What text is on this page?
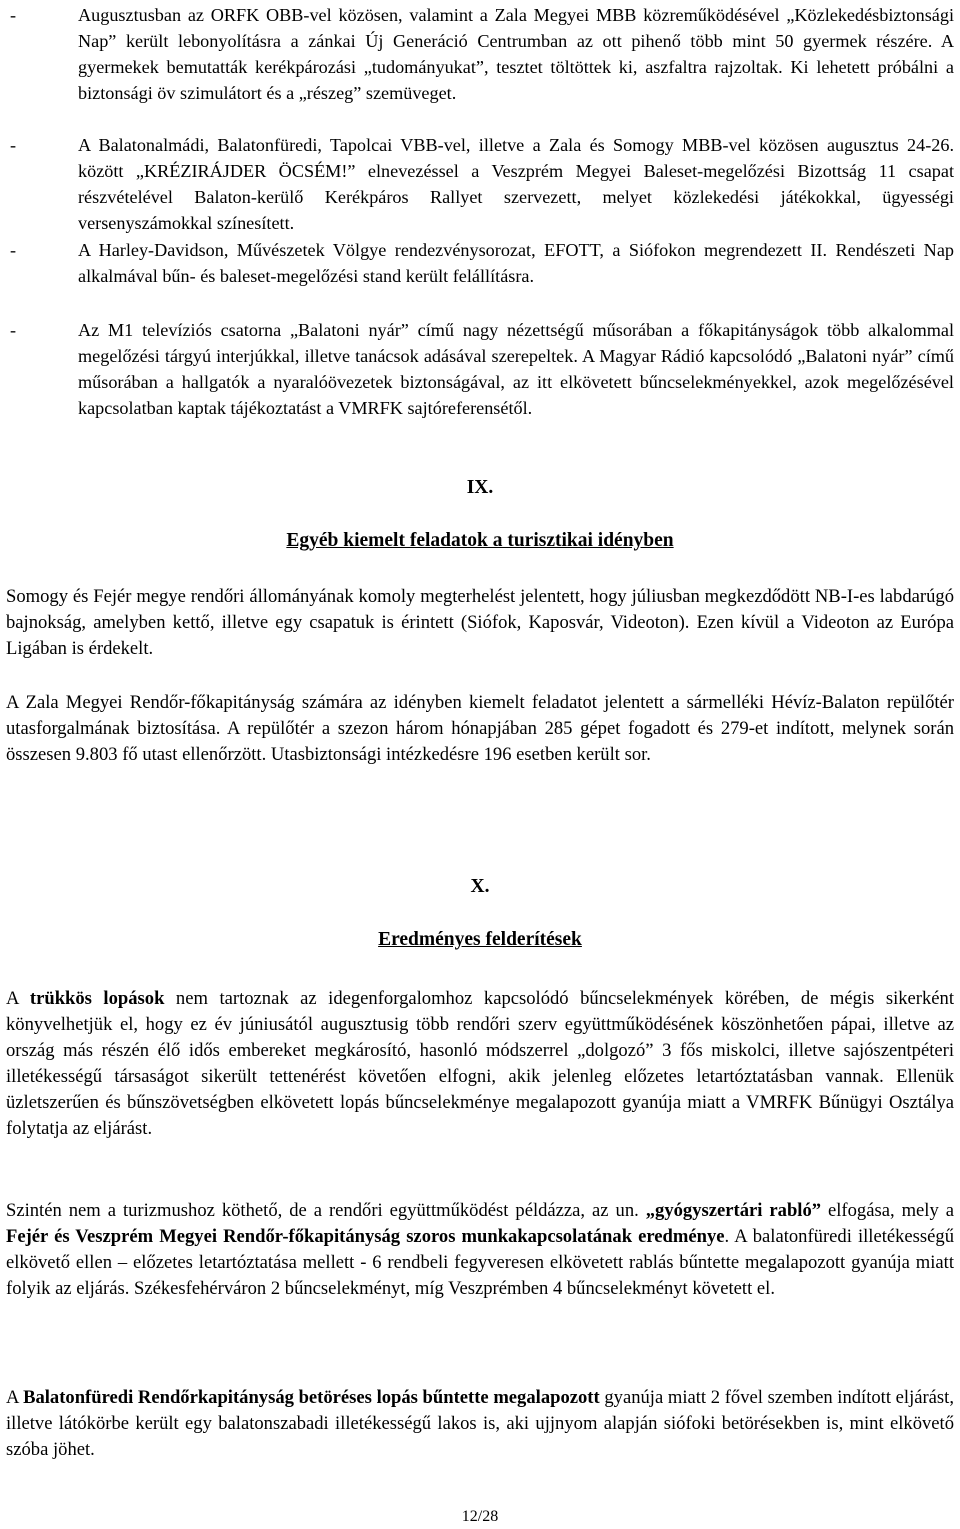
-	Augusztusban az ORFK OBB-vel közösen, valamint a Zala Megyei MBB közreműködésével „Közlekedésbiztonsági Nap” került lebonyolításra a zánkai Új Generáció Centrumban az ott pihenő több mint 50 gyermek részére. A gyermekek bemutatták kerékpározási „tudományukat”, tesztet töltöttek ki, aszfaltra rajzoltak. Ki lehetett próbálni a biztonsági öv szimulátort és a „részeg” szemüveget.
-	A Balatonalmádi, Balatonfüredi, Tapolcai VBB-vel, illetve a Zala és Somogy MBB-vel közösen augusztus 24-26. között „KRÉZIRÁJDER ÖCSÉM!” elnevezéssel a Veszprém Megyei Baleset-megelőzési Bizottság 11 csapat részvételével Balaton-kerülő Kerékpáros Rallyet szervezett, melyet közlekedési játékokkal, ügyességi versenyszámokkal színesített.
-	A Harley-Davidson, Művészetek Völgye rendezvénysorozat, EFOTT, a Siófokon megrendezett II. Rendészeti Nap alkalmával bűn- és baleset-megelőzési stand került felállításra.
-	Az M1 televíziós csatorna „Balatoni nyár” című nagy nézettségű műsorában a főkapitányságok több alkalommal megelőzési tárgyú interjúkkal, illetve tanácsok adásával szerepeltek. A Magyar Rádió kapcsolódó „Balatoni nyár” című műsorában a hallgatók a nyaralóövezetek biztonságával, az itt elkövetett bűncselekményekkel, azok megelőzésével kapcsolatban kaptak tájékoztatást a VMRFK sajtóreferensétől.
IX.
Egyéb kiemelt feladatok a turisztikai idényben

Somogy és Fejér megye rendőri állományának komoly megterhelést jelentett, hogy júliusban megkezdődött NB-I-es labdarúgó bajnokság, amelyben kettő, illetve egy csapatuk is érintett (Siófok, Kaposvár, Videoton). Ezen kívül a Videoton az Európa Ligában is érdekelt.

A Zala Megyei Rendőr-főkapitányság számára az idényben kiemelt feladatot jelentett a sármelléki Hévíz-Balaton repülőtér utasforgalmának biztosítása. A repülőtér a szezon három hónapjában 285 gépet fogadott és 279-et indított, melynek során összesen 9.803 fő utast ellenőrzött. Utasbiztonsági intézkedésre 196 esetben került sor.

X.
Eredményes felderítések

A trükkös lopások nem tartoznak az idegenforgalomhoz kapcsolódó bűncselekmények körében, de mégis sikerként könyvelhetjük el, hogy ez év júniusától augusztusig több rendőri szerv együttműködésének köszönhetően pápai, illetve az ország más részén élő idős embereket megkárosító, hasonló módszerrel „dolgozó” 3 fős miskolci, illetve sajószentpéteri illetékességű társaságot sikerült tettenérést követően elfogni, akik jelenleg előzetes letartóztatásban vannak. Ellenük üzletszerűen és bűnszövetségben elkövetett lopás bűncselekménye megalapozott gyanúja miatt a VMRFK Bűnügyi Osztálya folytatja az eljárást.

Szintén nem a turizmushoz köthető, de a rendőri együttműködést példázza, az un. „gyógyszertári rabló” elfogása, mely a Fejér és Veszprém Megyei Rendőr-főkapitányság szoros munkakapcsolatának eredménye. A balatonfüredi illetékességű elkövető ellen – előzetes letartóztatása mellett - 6 rendbeli fegyveresen elkövetett rablás bűntette megalapozott gyanúja miatt folyik az eljárás. Székesfehérváron 2 bűncselekményt, míg Veszprémben 4 bűncselekményt követett el.

A Balatonfüredi Rendőrkapitányság betöréses lopás bűntette megalapozott gyanúja miatt 2 fővel szemben indított eljárást, illetve látókörbe került egy balatonszabadi illetékességű lakos is, aki ujjnyom alapján siófoki betörésekben is, mint elkövető szóba jöhet.

12/28
